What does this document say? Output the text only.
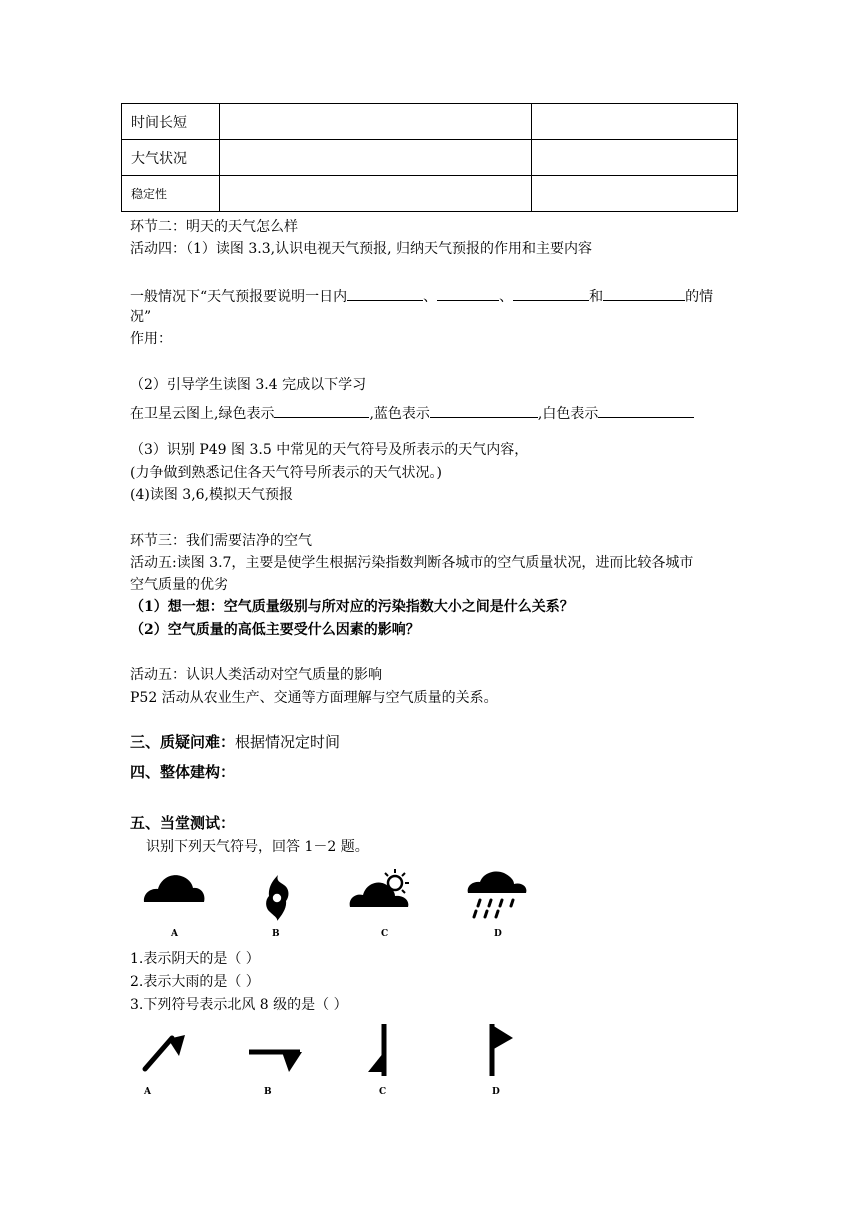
时间长短		
大气状况		
稳定性		
环节二：明天的天气怎么样
活动四：（1）读图 3.3,认识电视天气预报, 归纳天气预报的作用和主要内容
一般情况下“天气预报要说明一日内	、	、	和	的情
况”
作用：
（2）引导学生读图 3.4 完成以下学习
在卫星云图上,绿色表示	,蓝色表示	,白色表示
（3）识别 P49 图 3.5 中常见的天气符号及所表示的天气内容，
(力争做到熟悉记住各天气符号所表示的天气状况。)
(4)读图 3,6,模拟天气预报
环节三：我们需要洁净的空气
活动五:读图 3.7，主要是使学生根据污染指数判断各城市的空气质量状况，进而比较各城市
空气质量的优劣
（1）想一想：空气质量级别与所对应的污染指数大小之间是什么关系？
（2）空气质量的高低主要受什么因素的影响？
活动五：认识人类活动对空气质量的影响
P52 活动从农业生产、交通等方面理解与空气质量的关系。
三、质疑问难：根据情况定时间
四、整体建构：
五、当堂测试：
识别下列天气符号，回答 1－2 题。
A	B	C	D
1.表示阴天的是（ ）
2.表示大雨的是（ ）
3.下列符号表示北风 8 级的是（ ）
A	B	C	D
